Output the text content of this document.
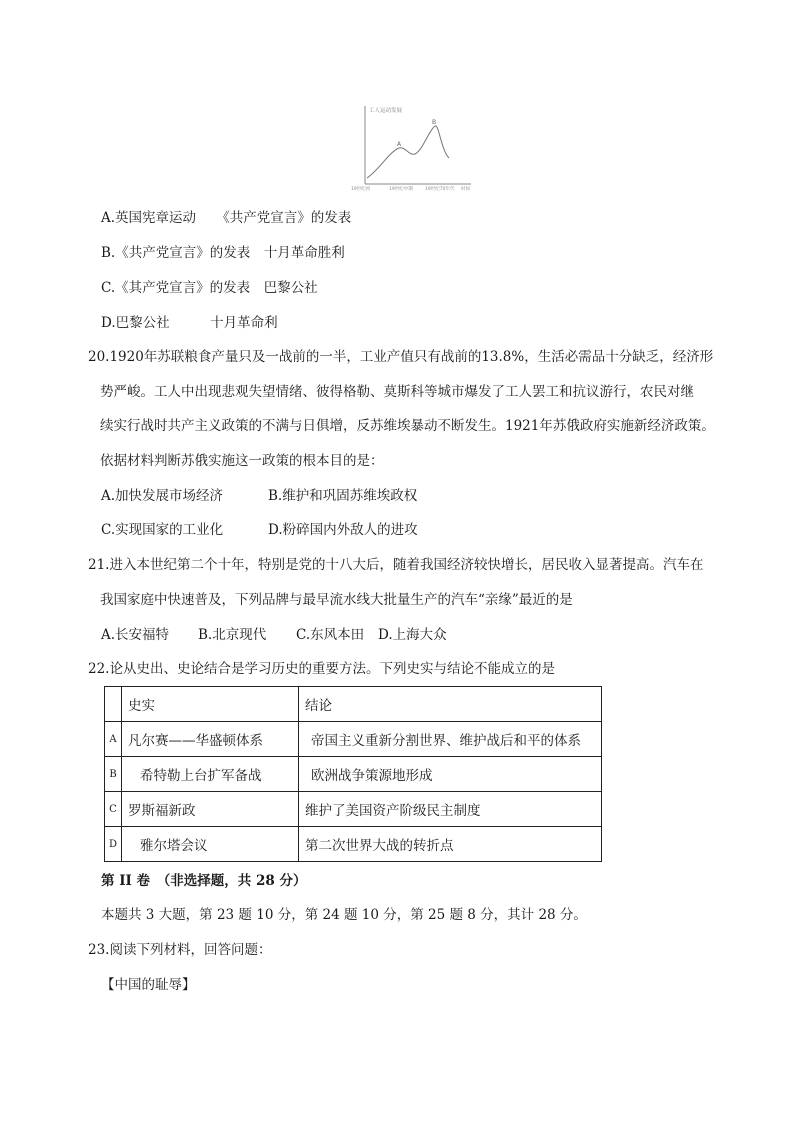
工人运动发展
A
B
19世纪初	19世纪中期	19世纪70年代 时间
A.英国宪章运动　　《共产党宣言》的发表
B.《共产党宣言》的发表　十月革命胜利
C.《其产党宣言》的发表　巴黎公社
D.巴黎公社　　　十月革命利
20.1920年苏联粮食产量只及一战前的一半，工业产值只有战前的13.8%，生活必需品十分缺乏，经济形
势严峻。工人中出现悲观失望情绪、彼得格勒、莫斯科等城市爆发了工人罢工和抗议游行，农民对继
续实行战时共产主义政策的不满与日俱增，反苏维埃暴动不断发生。1921年苏俄政府实施新经济政策。
依据材料判断苏俄实施这一政策的根本目的是：
A.加快发展市场经济	B.维护和巩固苏维埃政权
C.实现国家的工业化	D.粉碎国内外敌人的进攻
21.进入本世纪第二个十年，特别是党的十八大后，随着我国经济较快增长，居民收入显著提高。汽车在
我国家庭中快速普及，下列品牌与最早流水线大批量生产的汽车“亲缘”最近的是
A.长安福特 B.北京现代 C.东风本田 D.上海大众
22.论从史出、史论结合是学习历史的重要方法。下列史实与结论不能成立的是
	史实	结论
A	凡尔赛——华盛顿体系	帝国主义重新分割世界、维护战后和平的体系
B	希特勒上台扩军备战	欧洲战争策源地形成
C	罗斯福新政	维护了美国资产阶级民主制度
D	雅尔塔会议	第二次世界大战的转折点
第 II 卷　（非选择题，共 28 分）
本题共 3 大题，第 23 题 10 分，第 24 题 10 分，第 25 题 8 分，其计 28 分。
23.阅读下列材料，回答问题：
【中国的耻辱】
